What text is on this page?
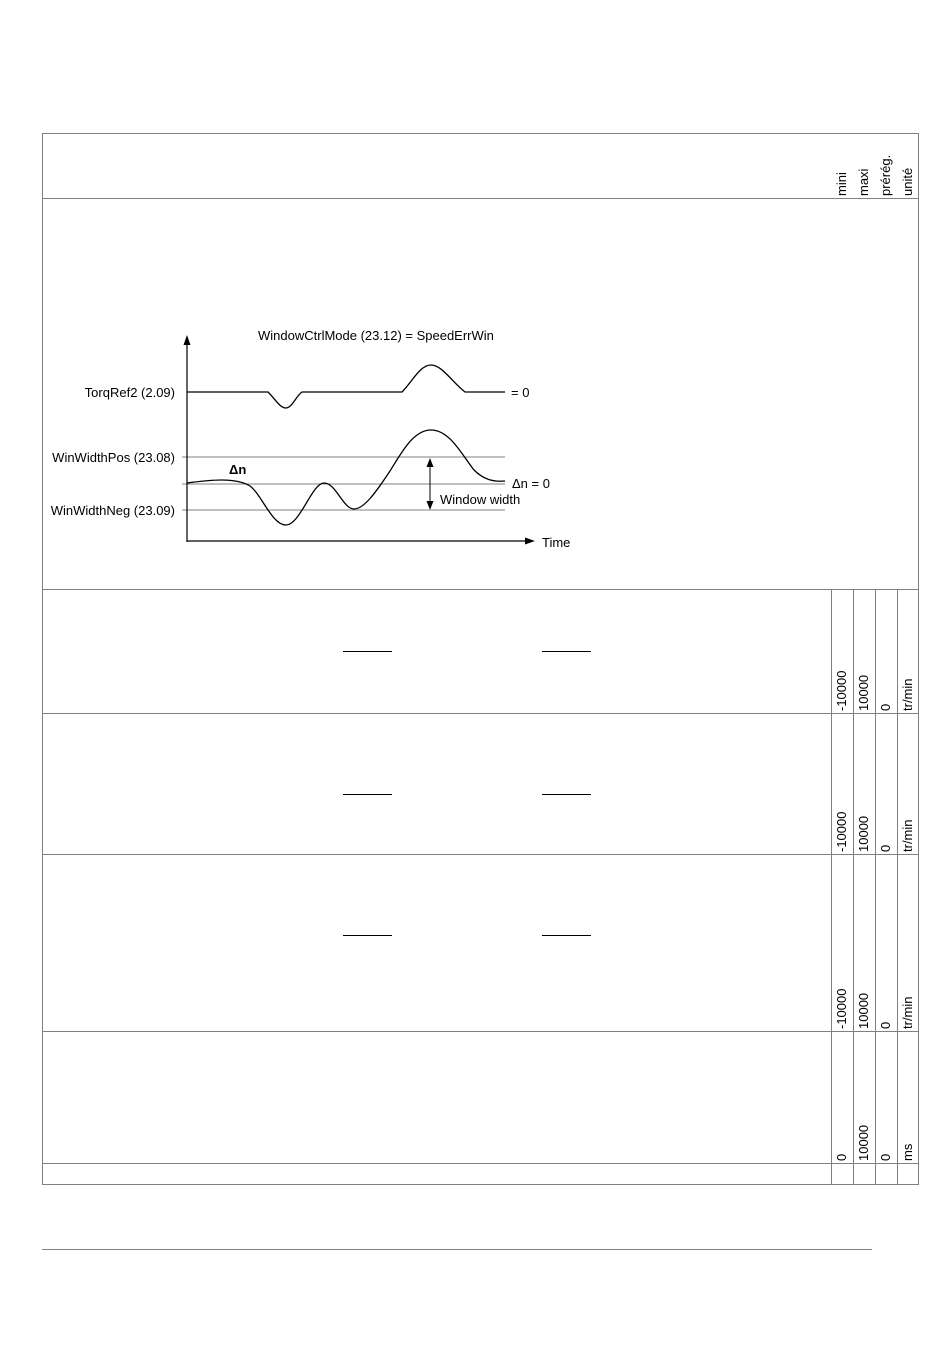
mini maxi prérég. unité
WindowCtrlMode (23.12) = SpeedErrWin
TorqRef2 (2.09)
WinWidthPos (23.08)
WinWidthNeg (23.09)
= 0
Δn
Δn = 0
Window width
Time
-10000 10000 0 tr/min
-10000 10000 0 tr/min
-10000 10000 0 tr/min
0 10000 0 ms
